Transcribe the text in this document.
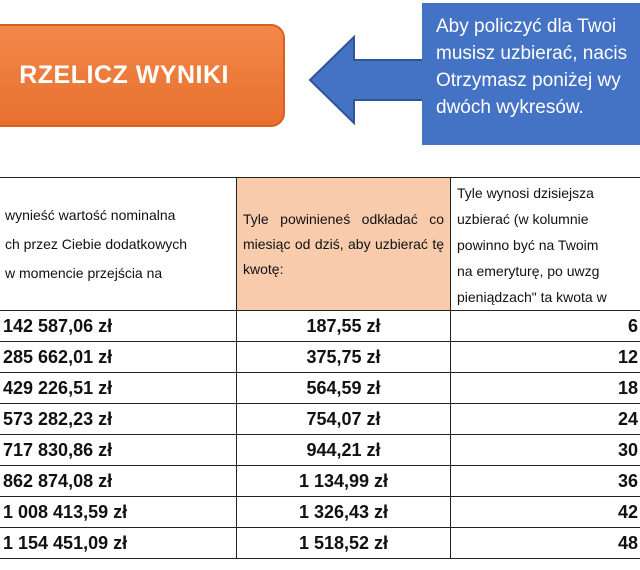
RZELICZ WYNIKI
Aby policzyć dla Twoi
musisz uzbierać, nacis
Otrzymasz poniżej wy
dwóch wykresów.
wynieść wartość nominalna
ch przez Ciebie dodatkowych
w momencie przejścia na	Tyle powinieneś odkładać co miesiąc od dziś, aby uzbierać tę kwotę:	Tyle wynosi dzisiejsza
uzbierać (w kolumnie
powinno być na Twoim
na emeryturę, po uwzg
pieniądzach" ta kwota w

142 587,06 zł	187,55 zł	6
285 662,01 zł	375,75 zł	12
429 226,51 zł	564,59 zł	18
573 282,23 zł	754,07 zł	24
717 830,86 zł	944,21 zł	30
862 874,08 zł	1 134,99 zł	36
1 008 413,59 zł	1 326,43 zł	42
1 154 451,09 zł	1 518,52 zł	48
